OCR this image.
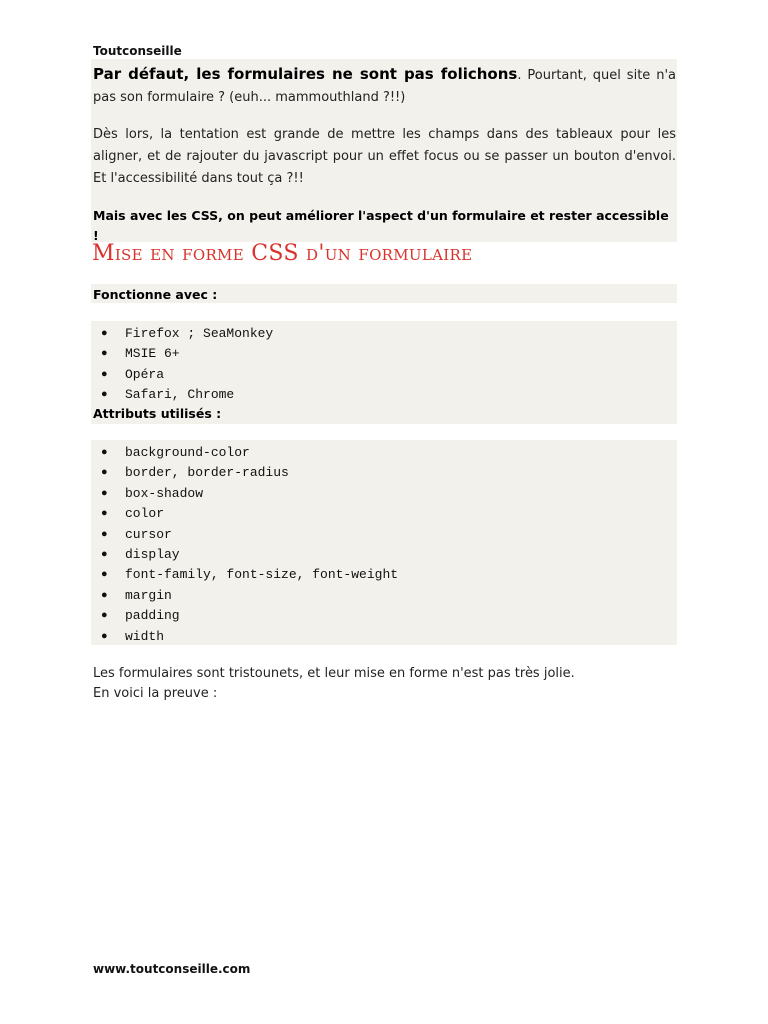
Toutconseille

Par défaut, les formulaires ne sont pas folichons. Pourtant, quel site n'a pas son formulaire ? (euh... mammouthland ?!!)

Dès lors, la tentation est grande de mettre les champs dans des tableaux pour les aligner, et de rajouter du javascript pour un effet focus ou se passer un bouton d'envoi. Et l'accessibilité dans tout ça ?!!

Mais avec les CSS, on peut améliorer l'aspect d'un formulaire et rester accessible !

Mise en forme CSS d'un formulaire
Fonctionne avec :
● Firefox ; SeaMonkey
● MSIE 6+
● Opéra
● Safari, Chrome
Attributs utilisés :
● background-color
● border, border-radius
● box-shadow
● color
● cursor
● display
● font-family, font-size, font-weight
● margin
● padding
● width
Les formulaires sont tristounets, et leur mise en forme n'est pas très jolie.
En voici la preuve :
www.toutconseille.com
